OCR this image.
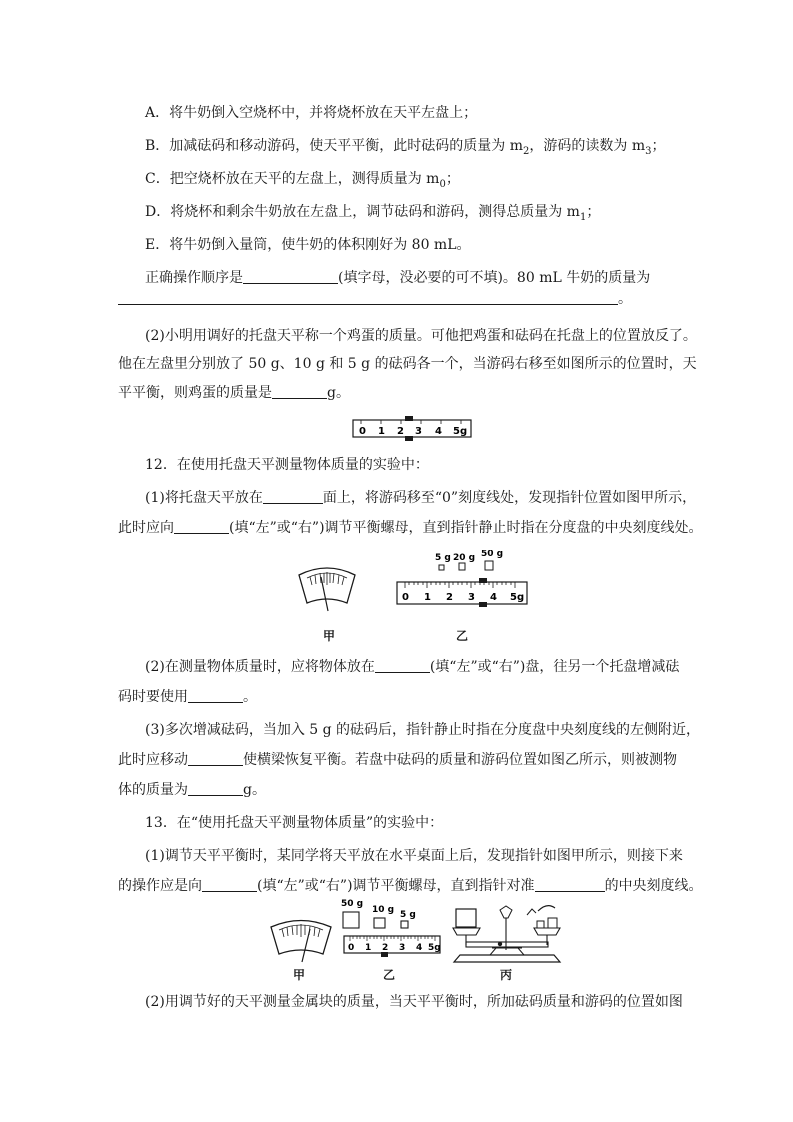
A．将牛奶倒入空烧杯中，并将烧杯放在天平左盘上；
B．加减砝码和移动游码，使天平平衡，此时砝码的质量为 $m_2$，游码的读数为 $m_3$；
C．把空烧杯放在天平的左盘上，测得质量为 $m_0$；
D．将烧杯和剩余牛奶放在左盘上，调节砝码和游码，测得总质量为 $m_1$；
E．将牛奶倒入量筒，使牛奶的体积刚好为 80 mL。
正确操作顺序是	(填字母，没必要的可不填)。80 mL 牛奶的质量为
。
(2)小明用调好的托盘天平称一个鸡蛋的质量。可他把鸡蛋和砝码在托盘上的位置放反了。
他在左盘里分别放了 50 g、10 g 和 5 g 的砝码各一个，当游码右移至如图所示的位置时，天
平平衡，则鸡蛋的质量是	g。
0 1 2 3 4 5g
12．在使用托盘天平测量物体质量的实验中：
(1)将托盘天平放在	面上，将游码移至“0”刻度线处，发现指针位置如图甲所示，
此时应向	(填“左”或“右”)调节平衡螺母，直到指针静止时指在分度盘的中央刻度线处。
甲
5 g 20 g 50 g
0 1 2 3 4 5g
乙
(2)在测量物体质量时，应将物体放在	(填“左”或“右”)盘，往另一个托盘增减砝
码时要使用	。
(3)多次增减砝码，当加入 5 g 的砝码后，指针静止时指在分度盘中央刻度线的左侧附近，
此时应移动	使横梁恢复平衡。若盘中砝码的质量和游码位置如图乙所示，则被测物
体的质量为	g。
13．在“使用托盘天平测量物体质量”的实验中：
(1)调节天平平衡时，某同学将天平放在水平桌面上后，发现指针如图甲所示，则接下来
的操作应是向	(填“左”或“右”)调节平衡螺母，直到指针对准	的中央刻度线。
甲
50 g
10 g 5 g
0 1 2 3 4 5g
乙	丙
(2)用调节好的天平测量金属块的质量，当天平平衡时，所加砝码质量和游码的位置如图
